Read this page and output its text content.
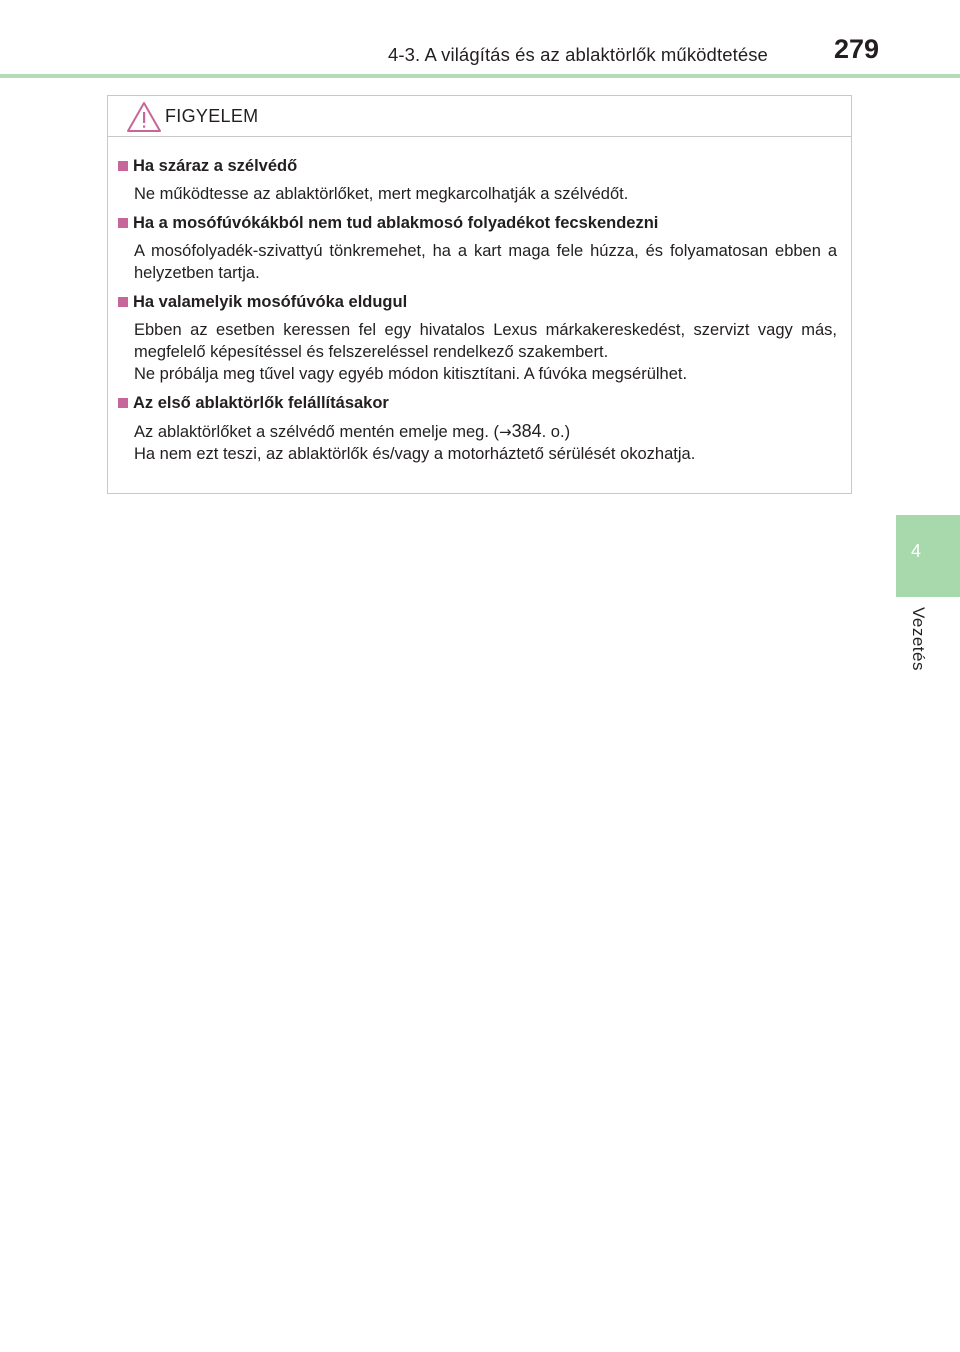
4-3. A világítás és az ablaktörlők működtetése 279
4
Vezetés
FIGYELEM
Ha száraz a szélvédő

Ne működtesse az ablaktörlőket, mert megkarcolhatják a szélvédőt.

Ha a mosófúvókákból nem tud ablakmosó folyadékot fecskendezni

A mosófolyadék-szivattyú tönkremehet, ha a kart maga fele húzza, és folyamatosan ebben a helyzetben tartja.

Ha valamelyik mosófúvóka eldugul

Ebben az esetben keressen fel egy hivatalos Lexus márkakereskedést, szervizt vagy más, megfelelő képesítéssel és felszereléssel rendelkező szakembert.

Ne próbálja meg tűvel vagy egyéb módon kitisztítani. A fúvóka megsérülhet.

Az első ablaktörlők felállításakor

Az ablaktörlőket a szélvédő mentén emelje meg. (→384. o.)

Ha nem ezt teszi, az ablaktörlők és/vagy a motorháztető sérülését okozhatja.
